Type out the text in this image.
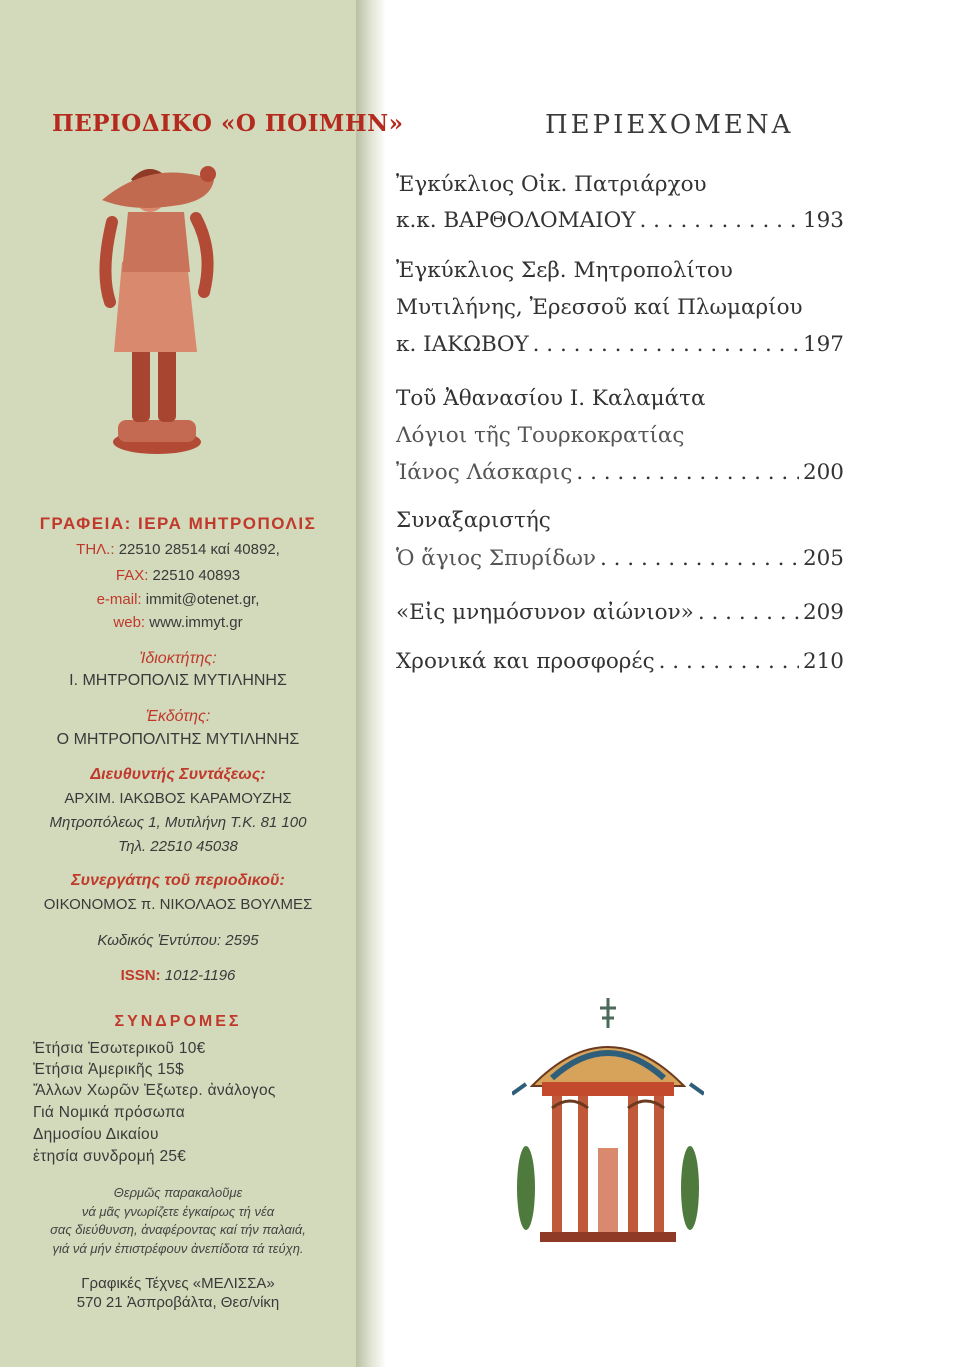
ΠΕΡΙΟΔΙΚΟ «Ο ΠΟΙΜΗΝ»
ΓΡΑΦΕΙΑ: ΙΕΡΑ ΜΗΤΡΟΠΟΛΙΣ
ΤΗΛ.: 22510 28514 καί 40892,
FAX: 22510 40893
e-mail: immit@otenet.gr,
web: www.immyt.gr
Ἰδιοκτήτης:
Ι. ΜΗΤΡΟΠΟΛΙΣ ΜΥΤΙΛΗΝΗΣ
Ἐκδότης:
Ο ΜΗΤΡΟΠΟΛΙΤΗΣ ΜΥΤΙΛΗΝΗΣ
Διευθυντής Συντάξεως:
ΑΡΧΙΜ. ΙΑΚΩΒΟΣ ΚΑΡΑΜΟΥΖΗΣ
Μητροπόλεως 1, Μυτιλήνη Τ.Κ. 81 100
Τηλ. 22510 45038
Συνεργάτης τοῦ περιοδικοῦ:
ΟΙΚΟΝΟΜΟΣ π. ΝΙΚΟΛΑΟΣ ΒΟΥΛΜΕΣ
Κωδικός Ἐντύπου: 2595
ISSN: 1012-1196
ΣΥΝΔΡΟΜΕΣ
Ἐτήσια Ἐσωτερικοῦ 10€
Ἐτήσια Ἀμερικῆς 15$
Ἄλλων Χωρῶν Ἐξωτερ. ἀνάλογος
Γιά Νομικά πρόσωπα
Δημοσίου Δικαίου
ἐτησία συνδρομή 25€
Θερμῶς παρακαλοῦμε
νά μᾶς γνωρίζετε ἐγκαίρως τή νέα
σας διεύθυνση, ἀναφέροντας καί τήν παλαιά,
γιά νά μήν ἐπιστρέφουν ἀνεπίδοτα τά τεύχη.
Γραφικές Τέχνες «ΜΕΛΙΣΣΑ»
570 21 Ἀσπροβάλτα, Θεσ/νίκη
ΠΕΡΙΕΧΟΜΕΝΑ
Ἐγκύκλιος Οἰκ. Πατριάρχου
κ.κ. ΒΑΡΘΟΛΟΜΑΙΟΥ . . .	193
Ἐγκύκλιος Σεβ. Μητροπολίτου
Μυτιλήνης, Ἐρεσσοῦ καί Πλωμαρίου
κ. ΙΑΚΩΒΟΥ . . .	197
Τοῦ Ἀθανασίου Ι. Καλαμάτα
Λόγιοι τῆς Τουρκοκρατίας
Ἰάνος Λάσκαρις . . .	200
Συναξαριστής
Ὁ ἅγιος Σπυρίδων . . .	205
«Εἰς μνημόσυνον αἰώνιον» . . .	209
Χρονικά και προσφορές . . .	210
